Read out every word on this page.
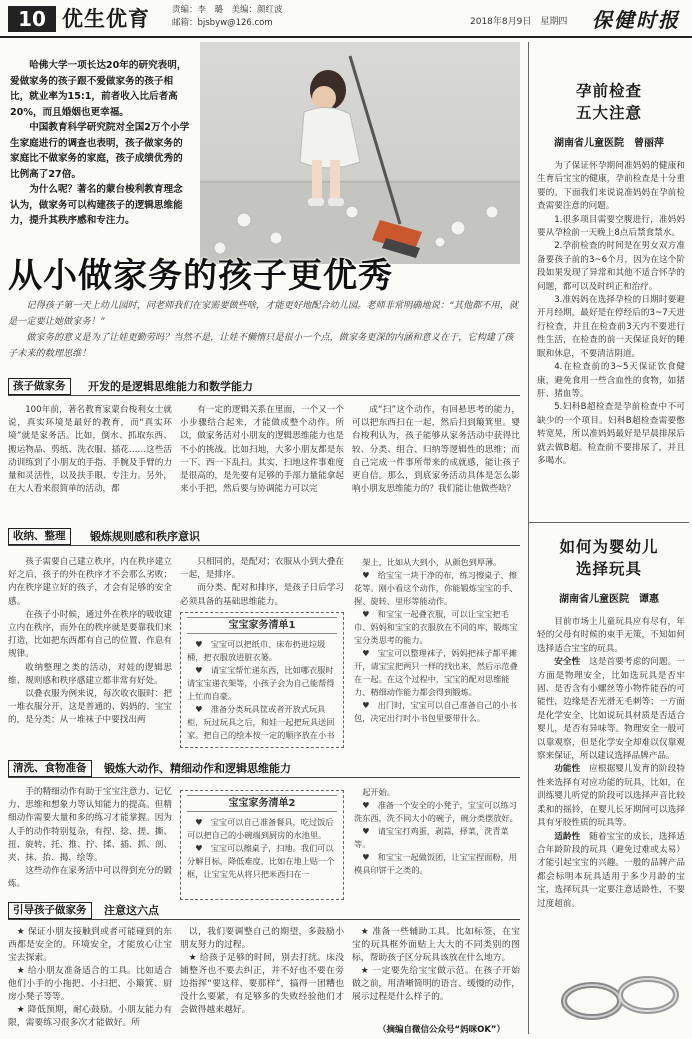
10 优生优育	责编：李　璐　美编：颜红波
邮箱：bjsbyw@126.com	2018年8月9日　星期四 保健时报

哈佛大学一项长达20年的研究表明，爱做家务的孩子跟不爱做家务的孩子相比，就业率为15:1，前者收入比后者高20%，而且婚姻也更幸福。

中国教育科学研究院对全国2万个小学生家庭进行的调查也表明，孩子做家务的家庭比不做家务的家庭，孩子成绩优秀的比例高了27倍。

为什么呢？著名的蒙台梭利教育理念认为，做家务可以构建孩子的逻辑思维能力，提升其秩序感和专注力。

从小做家务的孩子更优秀

记得孩子第一天上幼儿园时，问老师我们在家需要做些啥，才能更好地配合幼儿园。老师非常明确地说：“其他都不用，就是一定要让她做家务！”

做家务的意义是为了让娃更勤劳吗？当然不是，让娃不懒惰只是很小一个点，做家务更深的内涵和意义在于，它构建了孩子未来的数理思维！

孩子做家务	开发的是逻辑思维能力和数学能力

100年前，著名教育家蒙台梭利女士就说，真实环境是最好的教育，而“真实环境”就是家务活。比如，倒水、抓取东西、搬运物品、剪纸、洗衣服、插花……这些活动训练到了小朋友的手指、手腕及手臂的力量和灵活性，以及扶手眼、专注力。另外，在大人看来很简单的活动，都

有一定的逻辑关系在里面，一个又一个小步骤结合起来，才能做成整个动作。所以，做家务活对小朋友的逻辑思维能力也是不小的挑战。比如扫地，大多小朋友都是东一下、西一下乱扫。其实，扫地这件事难度是很高的，是先要有足够的手部力量能拿起来小手把，然后要与协调能力可以完

成“扫”这个动作，有回悬思考的能力，可以把东西扫在一起，然后扫到簸箕里。婴台梭利认为，孩子能够从家务活动中获得比较、分类、组合、归纳等逻辑性的思维；而自己完成一件事所带来的成就感，能让孩子更自信。那么，到底家务活动具体是怎么影响小朋友思维能力的？我们能让他做些啥？

收纳、整理	锻炼规则感和秩序意识

孩子需要自己建立秩序，内在秩序建立好之后，孩子的外在秩序才不会那么劣败；内在秩序建立好的孩子，才会有足够的安全感。

在孩子小时候，通过外在秩序的吸收建立内在秩序，而外在的秩序就是要靠我们来打造，比如把东西都有自己的位置、作息有规律。

收纳整理之类的活动，对娃的逻辑思维、规则感和秩序感建立都非常有好处。

以叠衣服为例来说，每次收衣服时：把一堆衣服分开，这是普通的、妈妈的、宝宝的，是分类；从一堆袜子中要找出两

只相同的，是配对；衣服从小到大叠在一起，是排序。

而分类、配对和排序，是孩子日后学习必须具备的基础思维能力。

宝宝家务清单1

♥　宝宝可以把纸巾、床布扔进垃圾桶，把衣服放进脏衣篓。

♥　请宝宝帮忙递东西，比如哪衣服时请宝宝递衣架等，小孩子会为自己能帮得上忙而自豪。

♥　准备分类玩具筐或者开放式玩具柜，玩过玩具之后，和娃一起把玩具送回家。把自己的绘本按一定的顺序放在小书

架上，比如从大到小，从颜色到厚薄。

♥　给宝宝一块干净的布，练习擦桌子、擦花等。刚小看这个动作，你能锻炼宝宝的手、握、旋转、里形等能动作。

♥　和宝宝一起叠衣服，可以让宝宝把毛巾、妈妈和宝宝的衣服放在不同的库，锻炼宝宝分类思考的能力。

♥　宝宝可以整理袜子，妈妈把袜子都平摊开，请宝宝把两只一样的找出来，然后示范叠在一起。在这个过程中，宝宝的配对思维能力、精细动作能力都会得到锻炼。

♥　出门时，宝宝可以自己准备自己的小书包，决定出行时小书包里要带什么。

清洗、食物准备	锻炼大动作、精细动作和逻辑思维能力

手的精细动作有助于宝宝注意力、记忆力、思维和想象力等认知能力的提高。但精细动作需要大量和多的练习才能掌握。因为人手的动作特别复杂，有捏、捻、搓、撕、扭、旋转、托、推、拧、揉、插、抓、剖、夹、抹、抬、揭、绘等。

这些动作在家务活中可以得到充分的锻炼。

宝宝家务清单2

♥　宝宝可以自己准备餐具，吃过饭后可以把自己的小碗端到厨房的水池里。

♥　宝宝可以擦桌子，扫地。我们可以分解目标，降低难度，比如在地上贴一个框，让宝宝先从将只把米西扫在一

起开始。

♥　准备一个安全的小凳子，宝宝可以练习洗东西，洗不同大小的碗子，碗分类摆放好。

♥　请宝宝打鸡蛋，剥蒜，择菜，洗青菜等。

♥　和宝宝一起做饭团，让宝宝捏面粉，用模具印饼干之类的。

引导孩子做家务	注意这六点

★ 保证小朋友接触到或者可能碰到的东西都是安全的。环境安全，才能放心让宝宝去探索。

★ 给小朋友准备适合的工具。比如适合他们小手的小拖把、小扫把、小簸箕、厨房小凳子等等。

★ 降低预期，耐心鼓励。小朋友能力有限，需要练习很多次才能做好。所

以，我们要调整自己的期望，多鼓励小朋友努力的过程。

★ 给孩子足够的时间，别去打扰。床没铺整齐也不要去纠正，并不好也不要在旁边指挥“要这样、要那样”，搞得一团糟也没什么要紧，有足够多的失败经验他们才会做得越来越好。

★ 准备一些辅助工具。比如标签，在宝宝的玩具框外面贴上大大的不同类别的图标，帮助孩子区分玩具该放在什么地方。

★ 一定要先给宝宝做示范。在孩子开始做之前，用清晰简明的语言、缓慢的动作，展示过程是什么样子的。

（摘编自微信公众号“妈咪OK”）
孕前检查
五大注意
湖南省儿童医院　曾丽萍

为了保证怀孕期间准妈妈的健康和生育后宝宝的健康，孕前检查是十分重要的。下面我们来说说准妈妈在孕前检查需要注意的问题。

1.很多项目需要空腹进行，准妈妈要从孕检前一天晚上8点后禁食禁水。

2.孕前检查的时间是在男女双方准备要孩子前的3~6个月，因为在这个阶段如果发现了异常和其他不适合怀孕的问题，都可以及时纠正和治疗。

3.准妈妈在选择孕检的日期时要避开月经期，最好是在停经后的3~7天进行检查，并且在检查前3天内不要进行性生活，在检查的前一天保证良好的睡眠和休息，不要清洁阴道。

4.在检查前的3~5天保证饮食健康，避免食用一些含血性的食物，如猪肝、猪血等。

5.妇科B超检查是孕前检查中不可缺少的一个项目。妇科B超检查需要憋转宽晃，所以准妈妈最好是早晨排尿后就去做B超。检查前不要排尿了，并且多喝水。

如何为婴幼儿
选择玩具
湖南省儿童医院　谭惠

目前市场上儿童玩具应有尽有，年轻的父母有时候的束手无策，不知如何选择适合宝宝的玩具。

安全性　 这是首要考虑的问题。一方面是物理安全，比如选玩具是否牢固、是否含有小螺丝等小物件能吞的可能性，边缘是否光滑无毛刺等；一方面是化学安全，比如说玩具材质是否适合婴儿，是否有异味等。物理安全一般可以靠观察，但是化学安全却难以仅靠观察来保证，所以建议选择品牌产品。

功能性　 应根据婴儿发育的阶段特性来选择有对应功能的玩具，比如，在训练婴儿听觉的阶段可以选择声音比较柔和的摇铃，在婴儿长牙期间可以选择具有牙胶性质的玩具等。

适龄性　 随着宝宝的成长，选择适合年龄阶段的玩具（避免过难或太易）才能引起宝宝的兴趣。一般的品牌产品都会标明本玩具适用于多少月龄的宝宝，选择玩具一定要注意适龄性，不要过度超前。
